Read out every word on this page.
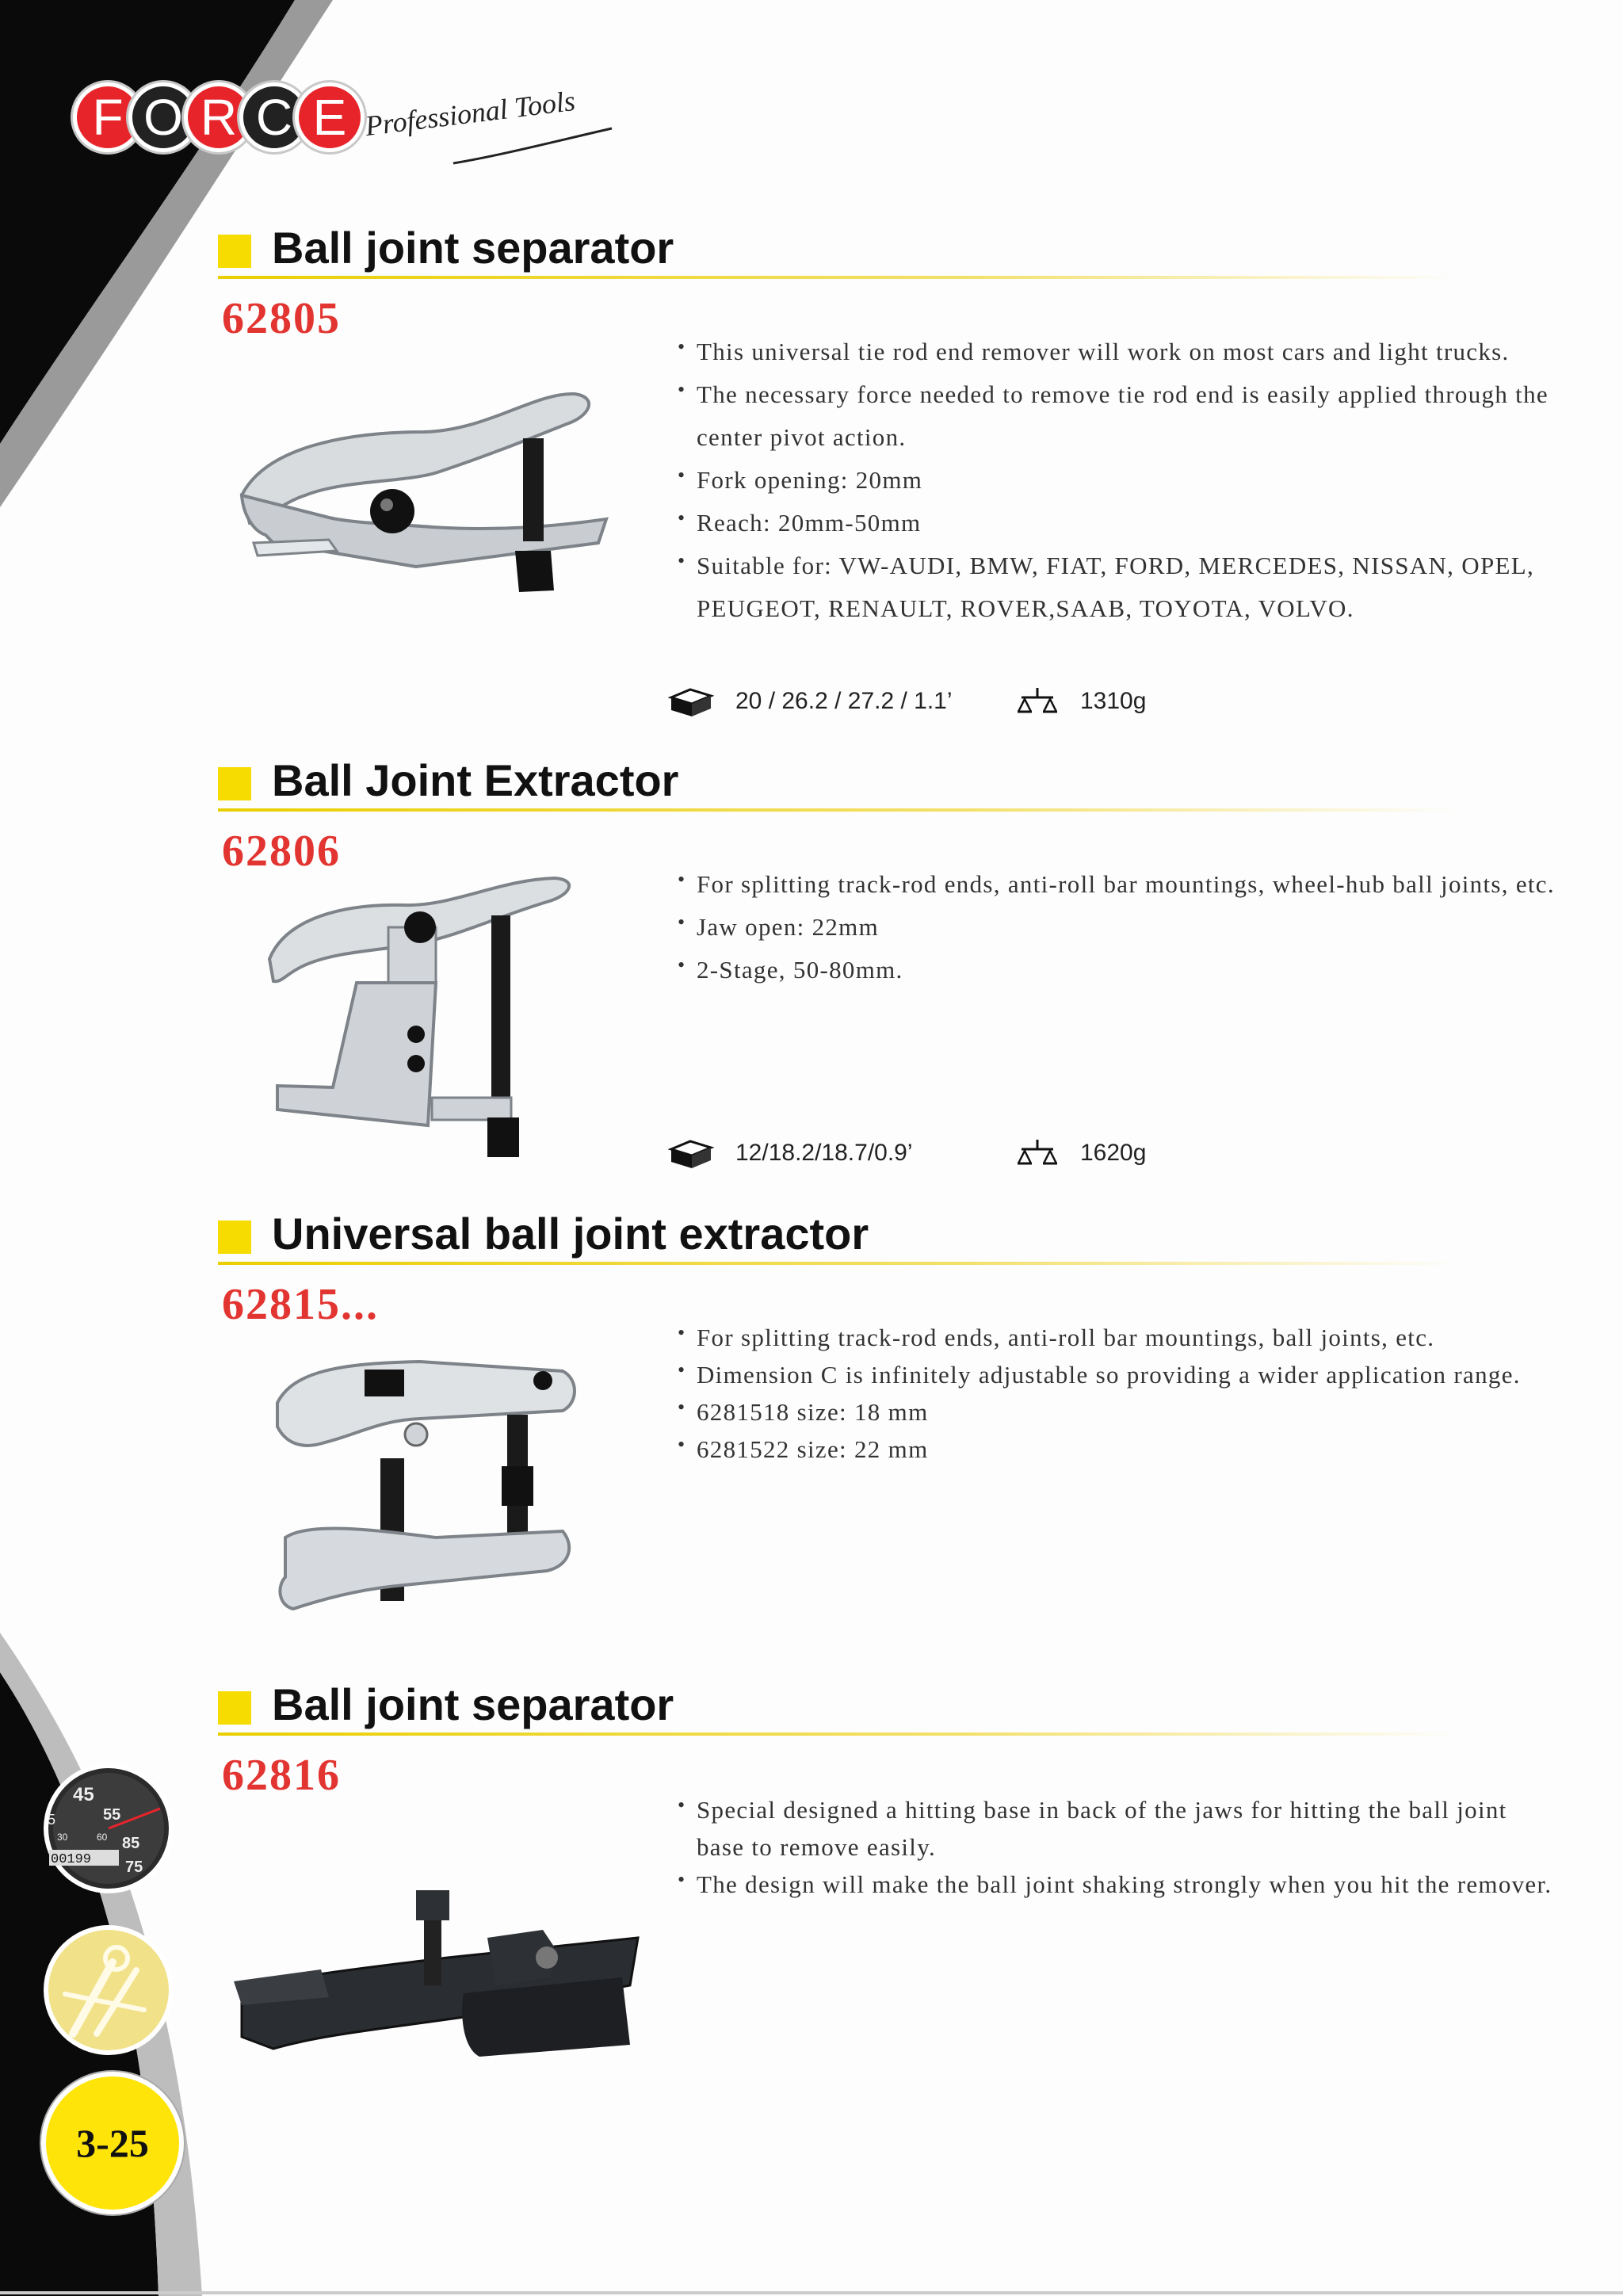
F O R C E Professional Tools
Ball joint separator
62805
• This universal tie rod end remover will work on most cars and light trucks.
• The necessary force needed to remove tie rod end is easily applied through the center pivot action.
• Fork opening: 20mm
• Reach: 20mm-50mm
• Suitable for: VW-AUDI, BMW, FIAT, FORD, MERCEDES, NISSAN, OPEL, PEUGEOT, RENAULT, ROVER,SAAB, TOYOTA, VOLVO.
20 / 26.2 / 27.2 / 1.1’	1310g
Ball Joint Extractor
62806
• For splitting track-rod ends, anti-roll bar mountings, wheel-hub ball joints, etc.
• Jaw open: 22mm
• 2-Stage, 50-80mm.
12/18.2/18.7/0.9’	1620g
Universal ball joint extractor
62815...
• For splitting track-rod ends, anti-roll bar mountings, ball joints, etc.
• Dimension C is infinitely adjustable so providing a wider application range.
• 6281518 size: 18 mm
• 6281522 size: 22 mm
Ball joint separator
62816
• Special designed a hitting base in back of the jaws for hitting the ball joint base to remove easily.
• The design will make the ball joint shaking strongly when you hit the remover.
45
55
85
75
5
30	60
00199
3-25
